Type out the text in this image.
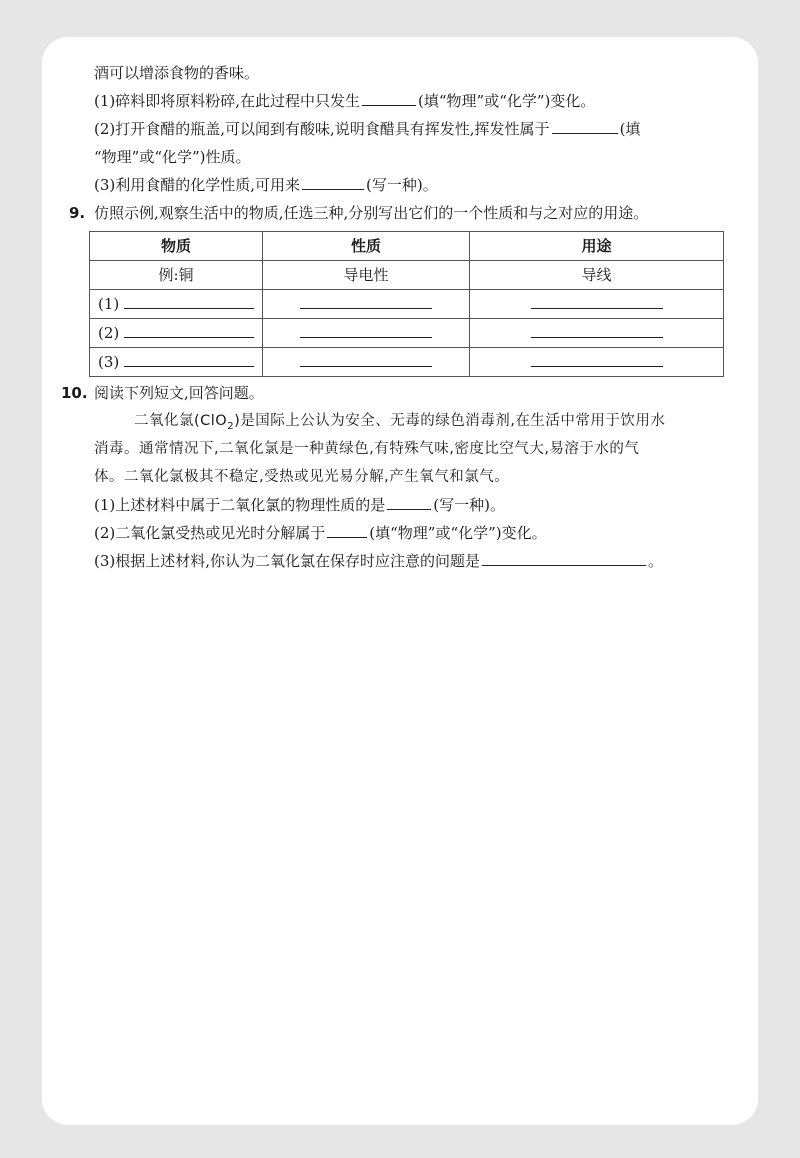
酒可以增添食物的香味。
(1)碎料即将原料粉碎,在此过程中只发生	(填“物理”或“化学”)变化。
(2)打开食醋的瓶盖,可以闻到有酸味,说明食醋具有挥发性,挥发性属于	(填
“物理”或“化学”)性质。
(3)利用食醋的化学性质,可用来	(写一种)。
9. 仿照示例,观察生活中的物质,任选三种,分别写出它们的一个性质和与之对应的用途。
物质	性质	用途
例:铜	导电性	导线
(1)		
(2)		
(3)		
10. 阅读下列短文,回答问题。
二氧化氯(ClO$_2$)是国际上公认为安全、无毒的绿色消毒剂,在生活中常用于饮用水
消毒。通常情况下,二氧化氯是一种黄绿色,有特殊气味,密度比空气大,易溶于水的气
体。二氧化氯极其不稳定,受热或见光易分解,产生氧气和氯气。
(1)上述材料中属于二氧化氯的物理性质的是	(写一种)。
(2)二氧化氯受热或见光时分解属于	(填“物理”或“化学”)变化。
(3)根据上述材料,你认为二氧化氯在保存时应注意的问题是	。
